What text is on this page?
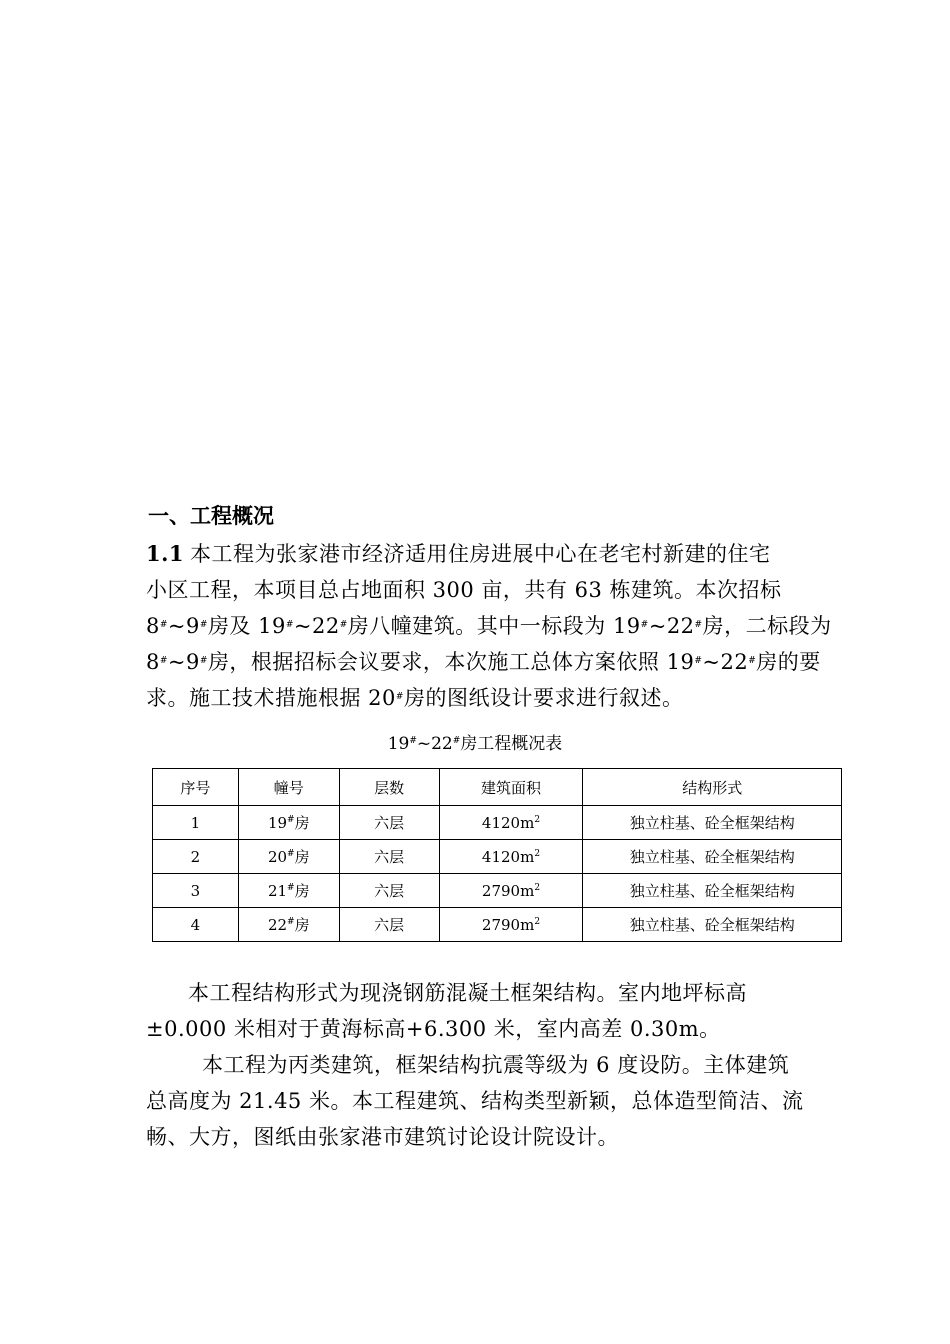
一、工程概况

1.1 本工程为张家港市经济适用住房进展中心在老宅村新建的住宅
小区工程，本项目总占地面积 300 亩，共有 63 栋建筑。本次招标
8#~9#房及 19#~22#房八幢建筑。其中一标段为 19#~22#房，二标段为
8#~9#房，根据招标会议要求，本次施工总体方案依照 19#~22#房的要
求。施工技术措施根据 20#房的图纸设计要求进行叙述。

19#~22#房工程概况表

序号	幢号	层数	建筑面积	结构形式
1	19#房	六层	$4120m^2$	独立柱基、砼全框架结构
2	20#房	六层	$4120m^2$	独立柱基、砼全框架结构
3	21#房	六层	$2790m^2$	独立柱基、砼全框架结构
4	22#房	六层	$2790m^2$	独立柱基、砼全框架结构

本工程结构形式为现浇钢筋混凝土框架结构。室内地坪标高
±0.000 米相对于黄海标高+6.300 米，室内高差 0.30m。

本工程为丙类建筑，框架结构抗震等级为 6 度设防。主体建筑
总高度为 21.45 米。本工程建筑、结构类型新颖，总体造型简洁、流
畅、大方，图纸由张家港市建筑讨论设计院设计。
